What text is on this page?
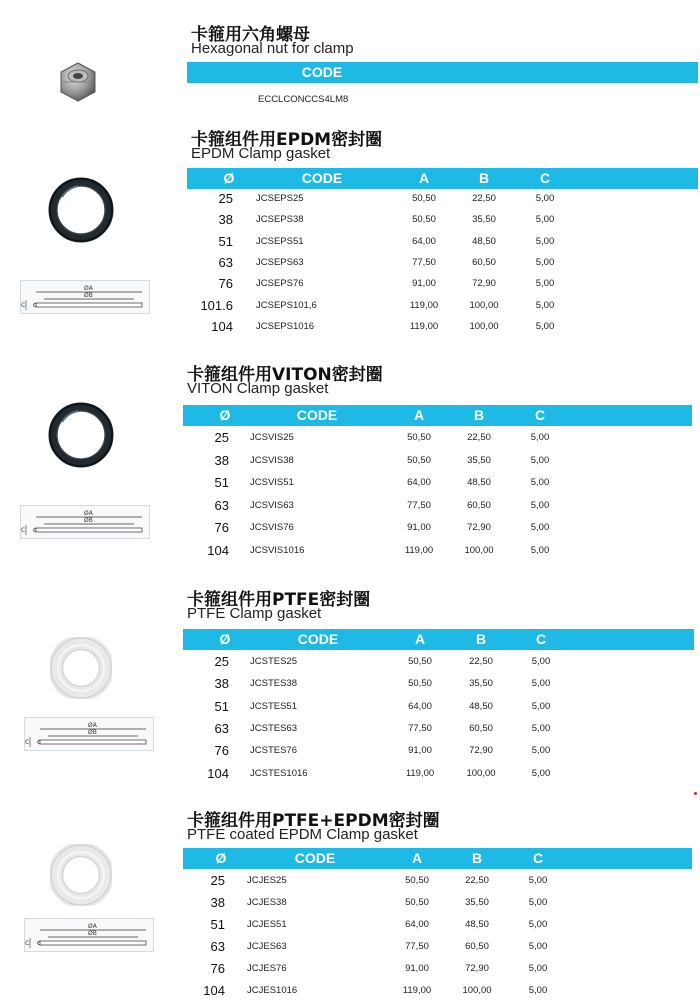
卡箍用六角螺母
Hexagonal nut for clamp
CODE
ECCLCONCCS4LM8
卡箍组件用EPDM密封圈
EPDM Clamp gasket
Ø	CODE	A	B	C
25 JCSEPS25	50,50	22,50	5,00
38 JCSEPS38	50,50	35,50	5,00
51 JCSEPS51	64,00	48,50	5,00
63 JCSEPS63	77,50	60,50	5,00
76 JCSEPS76	91,00	72,90	5,00
101.6 JCSEPS101,6	119,00	100,00	5,00
104 JCSEPS1016	119,00	100,00	5,00
ØA
ØB
C
卡箍组件用VITON密封圈
VITON Clamp gasket
Ø	CODE	A	B	C
25 JCSVIS25	50,50	22,50	5,00
38 JCSVIS38	50,50	35,50	5,00
51 JCSVIS51	64,00	48,50	5,00
63 JCSVIS63	77,50	60,50	5,00
76 JCSVIS76	91,00	72,90	5,00
104 JCSVIS1016	119,00	100,00	5,00
ØA
ØB
C
卡箍组件用PTFE密封圈
PTFE Clamp gasket
Ø	CODE	A	B	C
25 JCSTES25	50,50	22,50	5,00
38 JCSTES38	50,50	35,50	5,00
51 JCSTES51	64,00	48,50	5,00
63 JCSTES63	77,50	60,50	5,00
76 JCSTES76	91,00	72,90	5,00
104 JCSTES1016	119,00	100,00	5,00
ØA
ØB
C
卡箍组件用PTFE+EPDM密封圈
PTFE coated EPDM Clamp gasket
Ø	CODE	A	B	C
25 JCJES25	50,50	22,50	5,00
38 JCJES38	50,50	35,50	5,00
51 JCJES51	64,00	48,50	5,00
63 JCJES63	77,50	60,50	5,00
76 JCJES76	91,00	72,90	5,00
104 JCJES1016	119,00	100,00	5,00
ØA
ØB
C
